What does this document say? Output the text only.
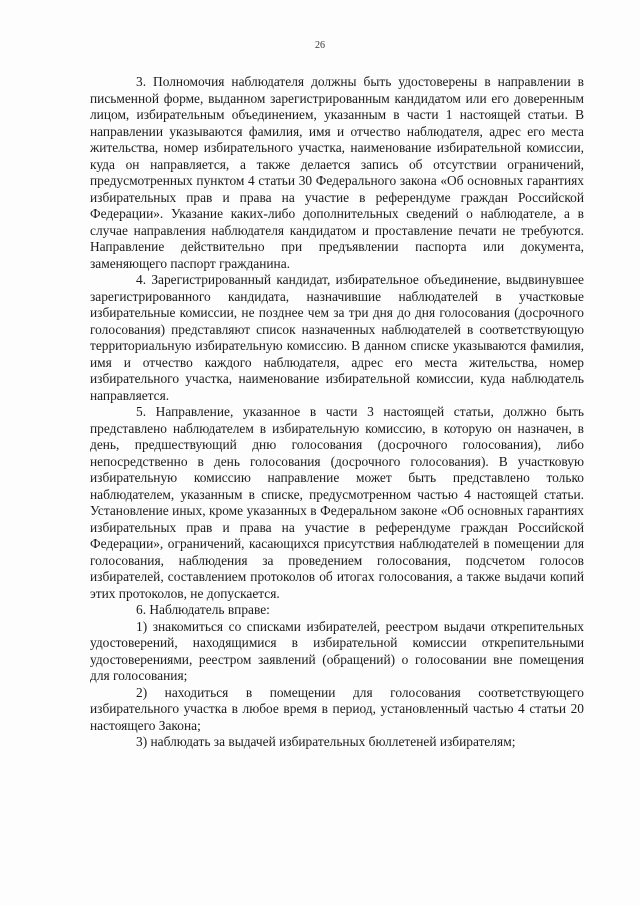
26

3. Полномочия наблюдателя должны быть удостоверены в направлении в письменной форме, выданном зарегистрированным кандидатом или его доверенным лицом, избирательным объединением, указанным в части 1 настоящей статьи. В направлении указываются фамилия, имя и отчество наблюдателя, адрес его места жительства, номер избирательного участка, наименование избирательной комиссии, куда он направляется, а также делается запись об отсутствии ограничений, предусмотренных пунктом 4 статьи 30 Федерального закона «Об основных гарантиях избирательных прав и права на участие в референдуме граждан Российской Федерации». Указание каких-либо дополнительных сведений о наблюдателе, а в случае направления наблюдателя кандидатом и проставление печати не требуются. Направление действительно при предъявлении паспорта или документа, заменяющего паспорт гражданина.

4. Зарегистрированный кандидат, избирательное объединение, выдвинувшее зарегистрированного кандидата, назначившие наблюдателей в участковые избирательные комиссии, не позднее чем за три дня до дня голосования (досрочного голосования) представляют список назначенных наблюдателей в соответствующую территориальную избирательную комиссию. В данном списке указываются фамилия, имя и отчество каждого наблюдателя, адрес его места жительства, номер избирательного участка, наименование избирательной комиссии, куда наблюдатель направляется.

5. Направление, указанное в части 3 настоящей статьи, должно быть представлено наблюдателем в избирательную комиссию, в которую он назначен, в день, предшествующий дню голосования (досрочного голосования), либо непосредственно в день голосования (досрочного голосования). В участковую избирательную комиссию направление может быть представлено только наблюдателем, указанным в списке, предусмотренном частью 4 настоящей статьи. Установление иных, кроме указанных в Федеральном законе «Об основных гарантиях избирательных прав и права на участие в референдуме граждан Российской Федерации», ограничений, касающихся присутствия наблюдателей в помещении для голосования, наблюдения за проведением голосования, подсчетом голосов избирателей, составлением протоколов об итогах голосования, а также выдачи копий этих протоколов, не допускается.

6. Наблюдатель вправе:

1) знакомиться со списками избирателей, реестром выдачи открепительных удостоверений, находящимися в избирательной комиссии открепительными удостоверениями, реестром заявлений (обращений) о голосовании вне помещения для голосования;

2) находиться в помещении для голосования соответствующего избирательного участка в любое время в период, установленный частью 4 статьи 20 настоящего Закона;

3) наблюдать за выдачей избирательных бюллетеней избирателям;
